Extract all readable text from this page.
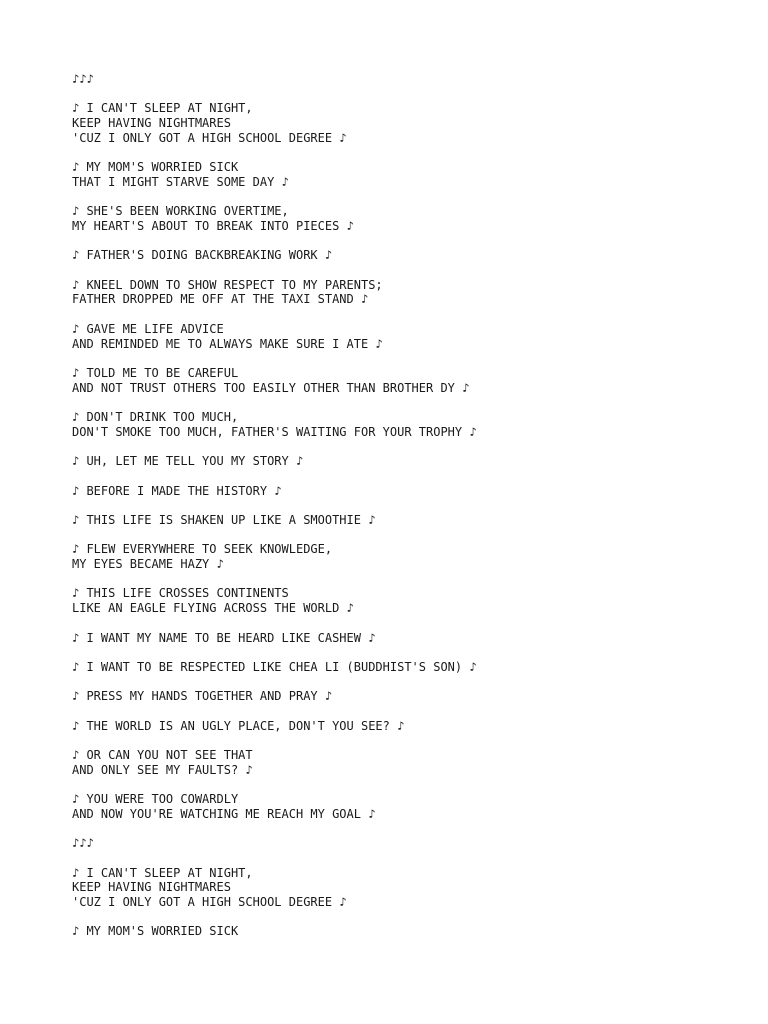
♪♪♪
♪ I CAN'T SLEEP AT NIGHT,
KEEP HAVING NIGHTMARES
'CUZ I ONLY GOT A HIGH SCHOOL DEGREE ♪
♪ MY MOM'S WORRIED SICK
THAT I MIGHT STARVE SOME DAY ♪
♪ SHE'S BEEN WORKING OVERTIME,
MY HEART'S ABOUT TO BREAK INTO PIECES ♪
♪ FATHER'S DOING BACKBREAKING WORK ♪
♪ KNEEL DOWN TO SHOW RESPECT TO MY PARENTS;
FATHER DROPPED ME OFF AT THE TAXI STAND ♪
♪ GAVE ME LIFE ADVICE
AND REMINDED ME TO ALWAYS MAKE SURE I ATE ♪
♪ TOLD ME TO BE CAREFUL
AND NOT TRUST OTHERS TOO EASILY OTHER THAN BROTHER DY ♪
♪ DON'T DRINK TOO MUCH,
DON'T SMOKE TOO MUCH, FATHER'S WAITING FOR YOUR TROPHY ♪
♪ UH, LET ME TELL YOU MY STORY ♪
♪ BEFORE I MADE THE HISTORY ♪
♪ THIS LIFE IS SHAKEN UP LIKE A SMOOTHIE ♪
♪ FLEW EVERYWHERE TO SEEK KNOWLEDGE,
MY EYES BECAME HAZY ♪
♪ THIS LIFE CROSSES CONTINENTS
LIKE AN EAGLE FLYING ACROSS THE WORLD ♪
♪ I WANT MY NAME TO BE HEARD LIKE CASHEW ♪
♪ I WANT TO BE RESPECTED LIKE CHEA LI (BUDDHIST'S SON) ♪
♪ PRESS MY HANDS TOGETHER AND PRAY ♪
♪ THE WORLD IS AN UGLY PLACE, DON'T YOU SEE? ♪
♪ OR CAN YOU NOT SEE THAT
AND ONLY SEE MY FAULTS? ♪
♪ YOU WERE TOO COWARDLY
AND NOW YOU'RE WATCHING ME REACH MY GOAL ♪
♪♪♪
♪ I CAN'T SLEEP AT NIGHT,
KEEP HAVING NIGHTMARES
'CUZ I ONLY GOT A HIGH SCHOOL DEGREE ♪
♪ MY MOM'S WORRIED SICK
